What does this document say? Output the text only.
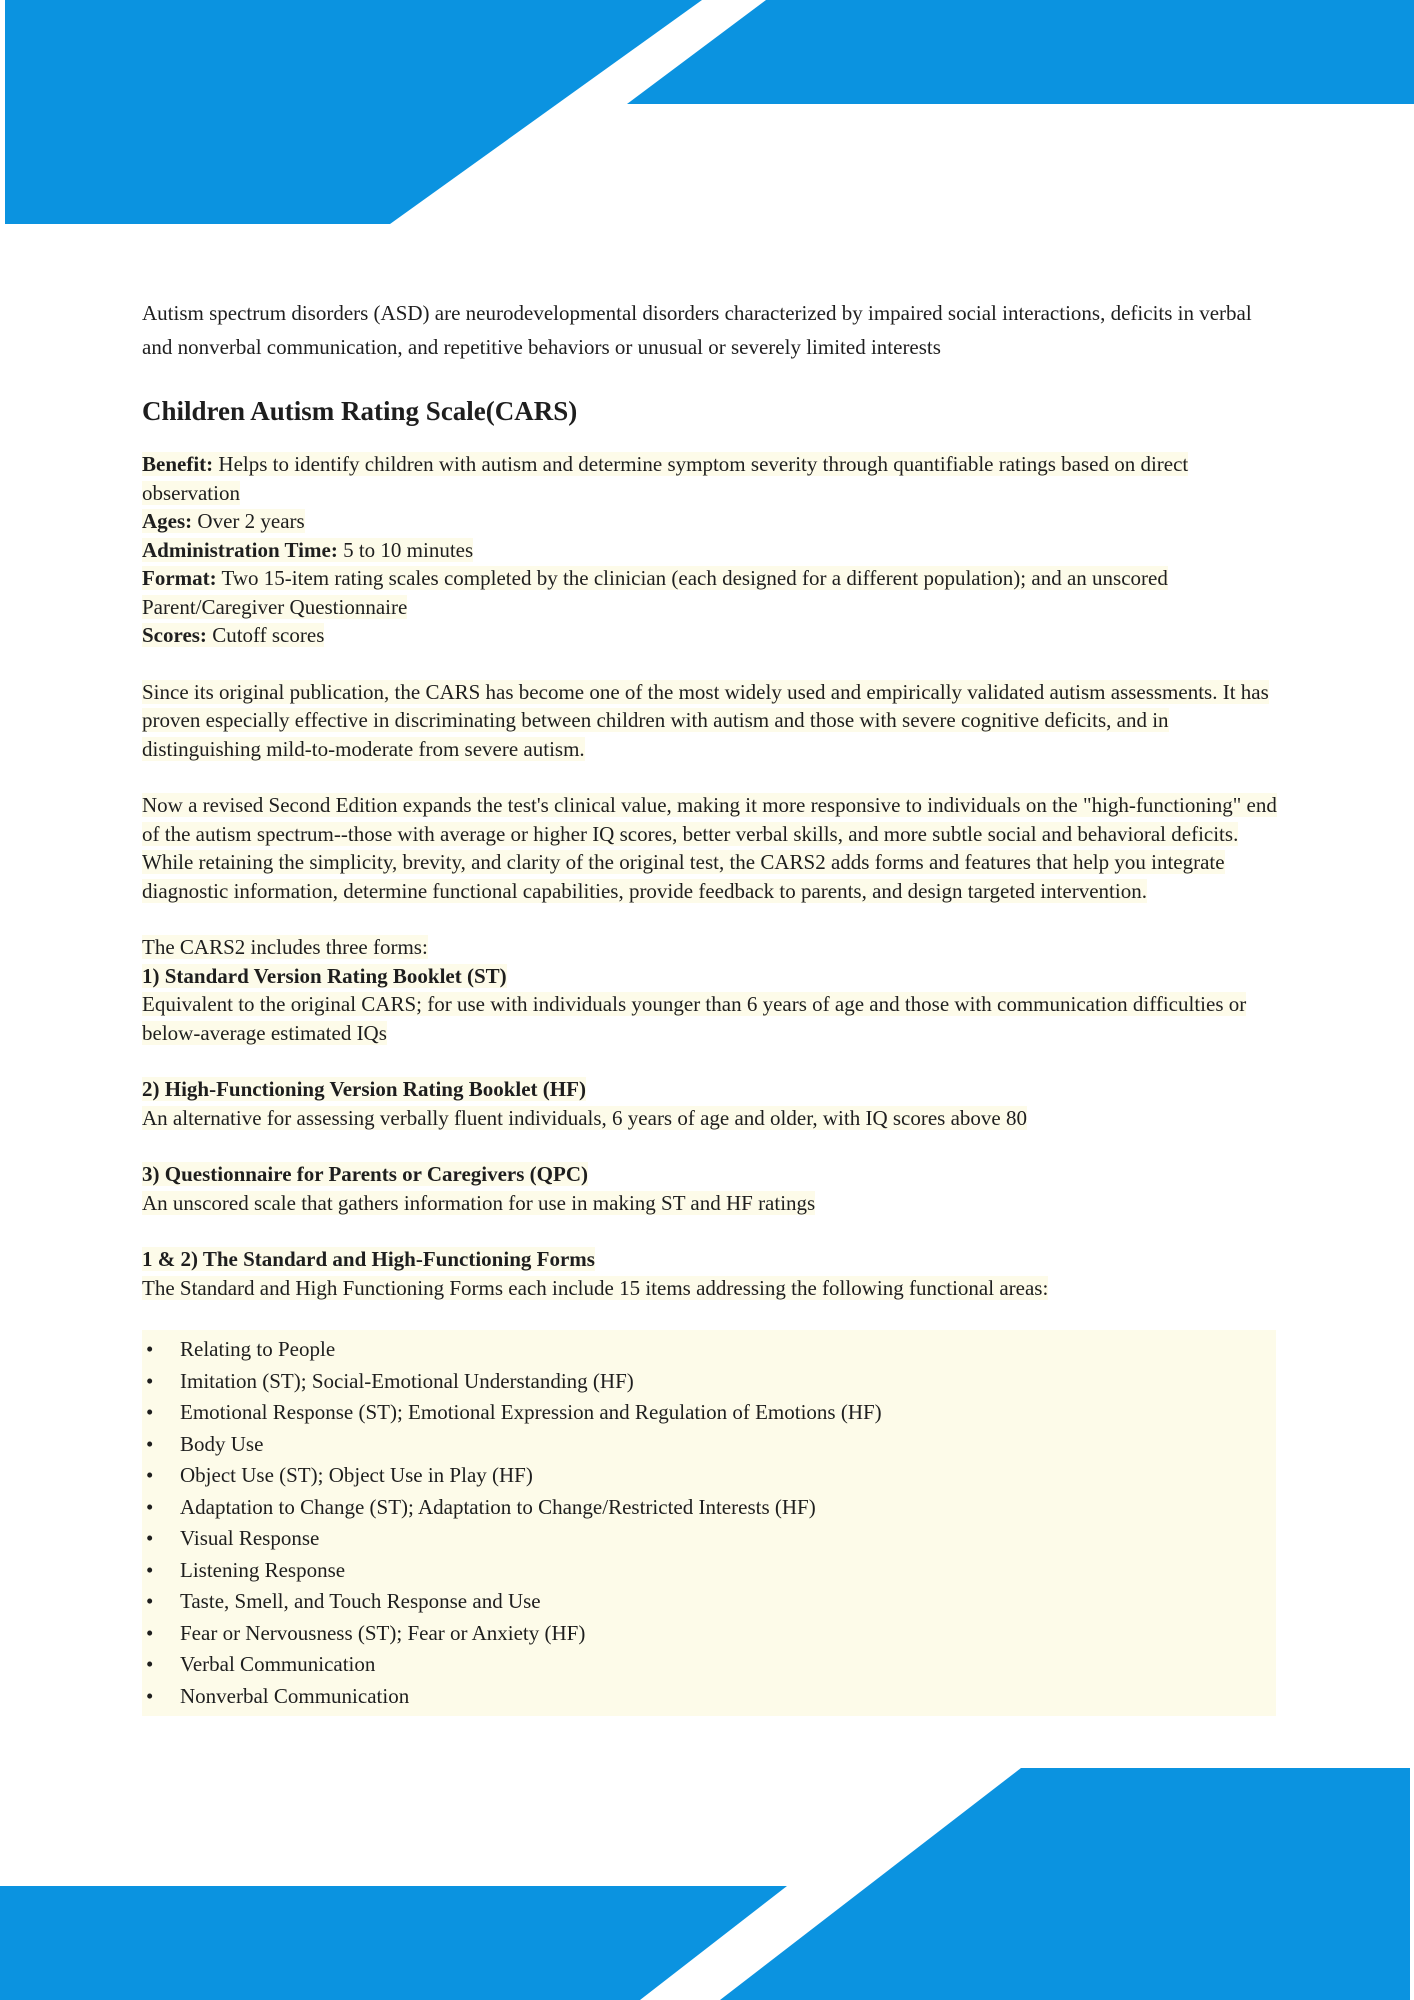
Autism spectrum disorders (ASD) are neurodevelopmental disorders characterized by impaired social interactions, deficits in verbal and nonverbal communication, and repetitive behaviors or unusual or severely limited interests

Children Autism Rating Scale(CARS)

Benefit: Helps to identify children with autism and determine symptom severity through quantifiable ratings based on direct observation

Ages: Over 2 years

Administration Time: 5 to 10 minutes

Format: Two 15-item rating scales completed by the clinician (each designed for a different population); and an unscored Parent/Caregiver Questionnaire

Scores: Cutoff scores

Since its original publication, the CARS has become one of the most widely used and empirically validated autism assessments. It has proven especially effective in discriminating between children with autism and those with severe cognitive deficits, and in distinguishing mild-to-moderate from severe autism.

Now a revised Second Edition expands the test's clinical value, making it more responsive to individuals on the "high-functioning" end of the autism spectrum--those with average or higher IQ scores, better verbal skills, and more subtle social and behavioral deficits. While retaining the simplicity, brevity, and clarity of the original test, the CARS2 adds forms and features that help you integrate diagnostic information, determine functional capabilities, provide feedback to parents, and design targeted intervention.

The CARS2 includes three forms:

1) Standard Version Rating Booklet (ST)

Equivalent to the original CARS; for use with individuals younger than 6 years of age and those with communication difficulties or below-average estimated IQs

2) High-Functioning Version Rating Booklet (HF)

An alternative for assessing verbally fluent individuals, 6 years of age and older, with IQ scores above 80

3) Questionnaire for Parents or Caregivers (QPC)

An unscored scale that gathers information for use in making ST and HF ratings

1 & 2) The Standard and High-Functioning Forms

The Standard and High Functioning Forms each include 15 items addressing the following functional areas:

• Relating to People
• Imitation (ST); Social-Emotional Understanding (HF)
• Emotional Response (ST); Emotional Expression and Regulation of Emotions (HF)
• Body Use
• Object Use (ST); Object Use in Play (HF)
• Adaptation to Change (ST); Adaptation to Change/Restricted Interests (HF)
• Visual Response
• Listening Response
• Taste, Smell, and Touch Response and Use
• Fear or Nervousness (ST); Fear or Anxiety (HF)
• Verbal Communication
• Nonverbal Communication
